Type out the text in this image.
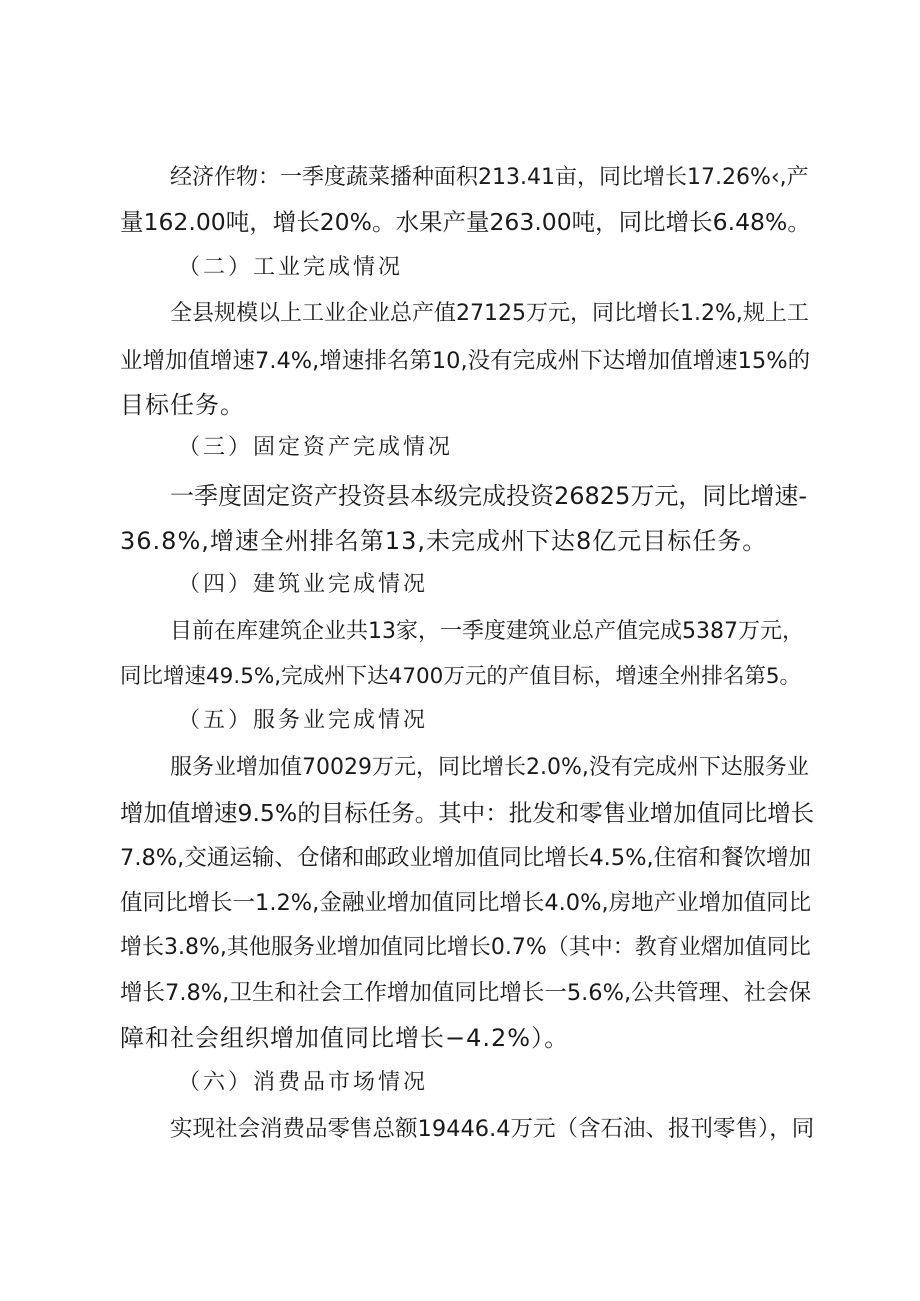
经济作物：一季度蔬菜播种面积213.41亩，同比增长17.26%‹,产
量162.00吨，增长20%。水果产量263.00吨，同比增长6.48%。
（二）工业完成情况
全县规模以上工业企业总产值27125万元，同比增长1.2%,规上工
业增加值增速7.4%,增速排名第10,没有完成州下达增加值增速15%的
目标任务。
（三）固定资产完成情况
一季度固定资产投资县本级完成投资26825万元，同比增速-
36.8%,增速全州排名第13,未完成州下达8亿元目标任务。
（四）建筑业完成情况
目前在库建筑企业共13家，一季度建筑业总产值完成5387万元，
同比增速49.5%,完成州下达4700万元的产值目标，增速全州排名第5。
（五）服务业完成情况
服务业增加值70029万元，同比增长2.0%,没有完成州下达服务业
增加值增速9.5%的目标任务。其中：批发和零售业增加值同比增长
7.8%,交通运输、仓储和邮政业增加值同比增长4.5%,住宿和餐饮增加
值同比增长一1.2%,金融业增加值同比增长4.0%,房地产业增加值同比
增长3.8%,其他服务业增加值同比增长0.7%（其中：教育业熠加值同比
增长7.8%,卫生和社会工作增加值同比增长一5.6%,公共管理、社会保
障和社会组织增加值同比增长−4.2%）。
（六）消费品市场情况
实现社会消费品零售总额19446.4万元（含石油、报刊零售），同
